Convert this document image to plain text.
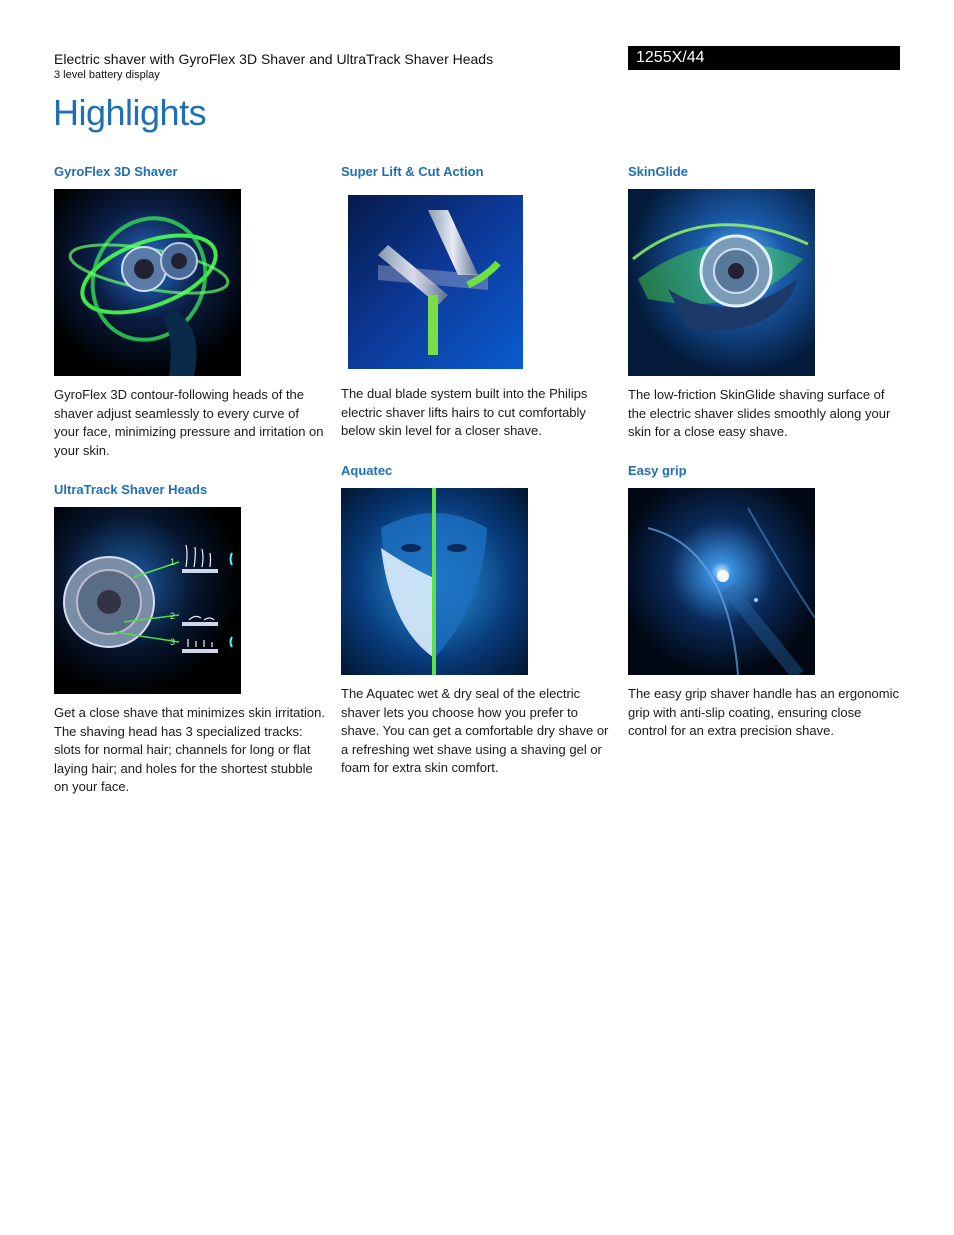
Electric shaver with GyroFlex 3D Shaver and UltraTrack Shaver Heads
3 level battery display
1255X/44
Highlights
GyroFlex 3D Shaver

GyroFlex 3D contour-following heads of the shaver adjust seamlessly to every curve of your face, minimizing pressure and irritation on your skin.

UltraTrack Shaver Heads
1
2
3

Get a close shave that minimizes skin irritation. The shaving head has 3 specialized tracks: slots for normal hair; channels for long or flat laying hair; and holes for the shortest stubble on your face.

Super Lift & Cut Action

The dual blade system built into the Philips electric shaver lifts hairs to cut comfortably below skin level for a closer shave.

Aquatec

The Aquatec wet & dry seal of the electric shaver lets you choose how you prefer to shave. You can get a comfortable dry shave or a refreshing wet shave using a shaving gel or foam for extra skin comfort.

SkinGlide

The low-friction SkinGlide shaving surface of the electric shaver slides smoothly along your skin for a close easy shave.

Easy grip

The easy grip shaver handle has an ergonomic grip with anti-slip coating, ensuring close control for an extra precision shave.
